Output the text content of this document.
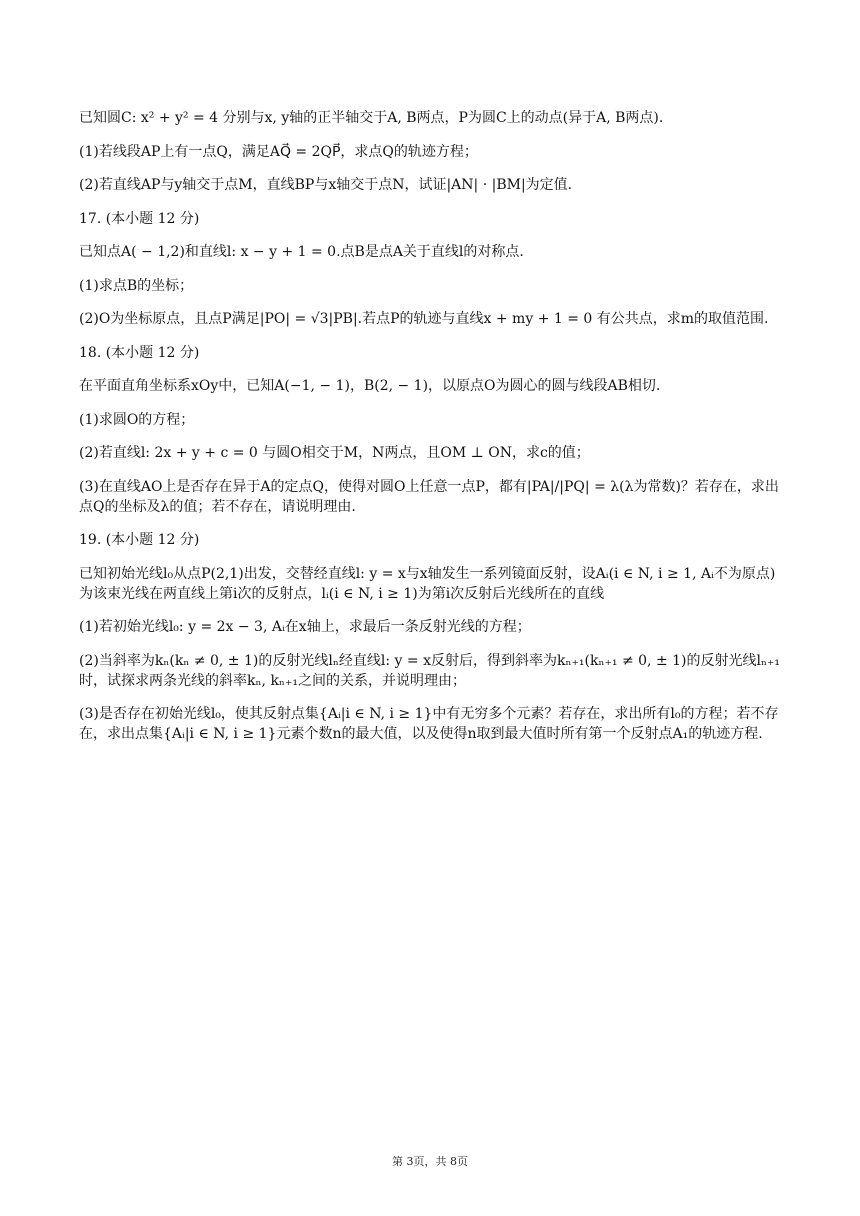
已知圆C: x² + y² = 4 分别与x, y轴的正半轴交于A, B两点，P为圆C上的动点(异于A, B两点).

(1)若线段AP上有一点Q，满足AQ⃗ = 2QP⃗，求点Q的轨迹方程；

(2)若直线AP与y轴交于点M，直线BP与x轴交于点N，试证|AN| · |BM|为定值.

17. (本小题 12 分)

已知点A( − 1,2)和直线l: x − y + 1 = 0.点B是点A关于直线l的对称点.

(1)求点B的坐标；

(2)O为坐标原点，且点P满足|PO| = √3|PB|.若点P的轨迹与直线x + my + 1 = 0 有公共点，求m的取值范围.

18. (本小题 12 分)

在平面直角坐标系xOy中，已知A(−1, − 1)，B(2, − 1)，以原点O为圆心的圆与线段AB相切.

(1)求圆O的方程；

(2)若直线l: 2x + y + c = 0 与圆O相交于M，N两点，且OM ⊥ ON，求c的值；

(3)在直线AO上是否存在异于A的定点Q，使得对圆O上任意一点P，都有|PA|/|PQ| = λ(λ为常数)？若存在，求出点Q的坐标及λ的值；若不存在，请说明理由.

19. (本小题 12 分)

已知初始光线l₀从点P(2,1)出发，交替经直线l: y = x与x轴发生一系列镜面反射，设Aᵢ(i ∈ N, i ≥ 1, Aᵢ不为原点)为该束光线在两直线上第i次的反射点，lᵢ(i ∈ N, i ≥ 1)为第i次反射后光线所在的直线

(1)若初始光线l₀: y = 2x − 3, Aᵢ在x轴上，求最后一条反射光线的方程；

(2)当斜率为kₙ(kₙ ≠ 0, ± 1)的反射光线lₙ经直线l: y = x反射后，得到斜率为kₙ₊₁(kₙ₊₁ ≠ 0, ± 1)的反射光线lₙ₊₁时，试探求两条光线的斜率kₙ, kₙ₊₁之间的关系，并说明理由；

(3)是否存在初始光线l₀，使其反射点集{Aᵢ|i ∈ N, i ≥ 1}中有无穷多个元素？若存在，求出所有l₀的方程；若不存在，求出点集{Aᵢ|i ∈ N, i ≥ 1}元素个数n的最大值，以及使得n取到最大值时所有第一个反射点A₁的轨迹方程.

第 3页，共 8页
